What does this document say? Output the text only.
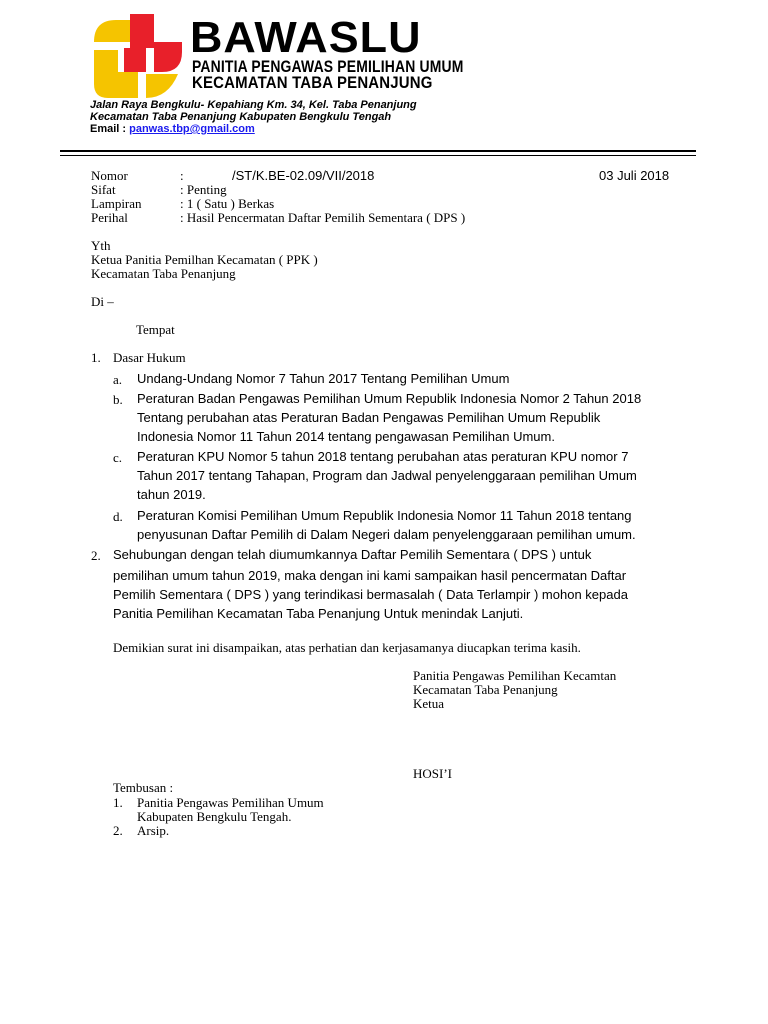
BAWASLU
PANITIA PENGAWAS PEMILIHAN UMUM
KECAMATAN TABA PENANJUNG
Jalan Raya Bengkulu- Kepahiang Km. 34, Kel. Taba Penanjung
Kecamatan Taba Penanjung Kabupaten Bengkulu Tengah
Email : panwas.tbp@gmail.com
Nomor	:	/ST/K.BE-02.09/VII/2018	03 Juli 2018
Sifat	: Penting
Lampiran	: 1 ( Satu ) Berkas
Perihal	: Hasil Pencermatan Daftar Pemilih Sementara ( DPS )
Yth
Ketua Panitia Pemilhan Kecamatan ( PPK )
Kecamatan Taba Penanjung
Di –
Tempat
1. Dasar Hukum
a. Undang-Undang Nomor 7 Tahun 2017 Tentang Pemilihan Umum
b. Peraturan Badan Pengawas Pemilihan Umum Republik Indonesia Nomor 2 Tahun 2018
Tentang perubahan atas Peraturan Badan Pengawas Pemilihan Umum Republik
Indonesia Nomor 11 Tahun 2014 tentang pengawasan Pemilihan Umum.
c. Peraturan KPU Nomor 5 tahun 2018 tentang perubahan atas peraturan KPU nomor 7
Tahun 2017 tentang Tahapan, Program dan Jadwal penyelenggaraan pemilihan Umum
tahun 2019.
d. Peraturan Komisi Pemilihan Umum Republik Indonesia Nomor 11 Tahun 2018 tentang
penyusunan Daftar Pemilih di Dalam Negeri dalam penyelenggaraan pemilihan umum.
2. Sehubungan dengan telah diumumkannya Daftar Pemilih Sementara ( DPS ) untuk
pemilihan umum tahun 2019, maka dengan ini kami sampaikan hasil pencermatan Daftar
Pemilih Sementara ( DPS ) yang terindikasi bermasalah ( Data Terlampir ) mohon kepada
Panitia Pemilihan Kecamatan Taba Penanjung Untuk menindak Lanjuti.
Demikian surat ini disampaikan, atas perhatian dan kerjasamanya diucapkan terima kasih.
Panitia Pengawas Pemilihan Kecamtan
Kecamatan Taba Penanjung
Ketua
HOSI’I
Tembusan :
1. Panitia Pengawas Pemilihan Umum
Kabupaten Bengkulu Tengah.
2. Arsip.
